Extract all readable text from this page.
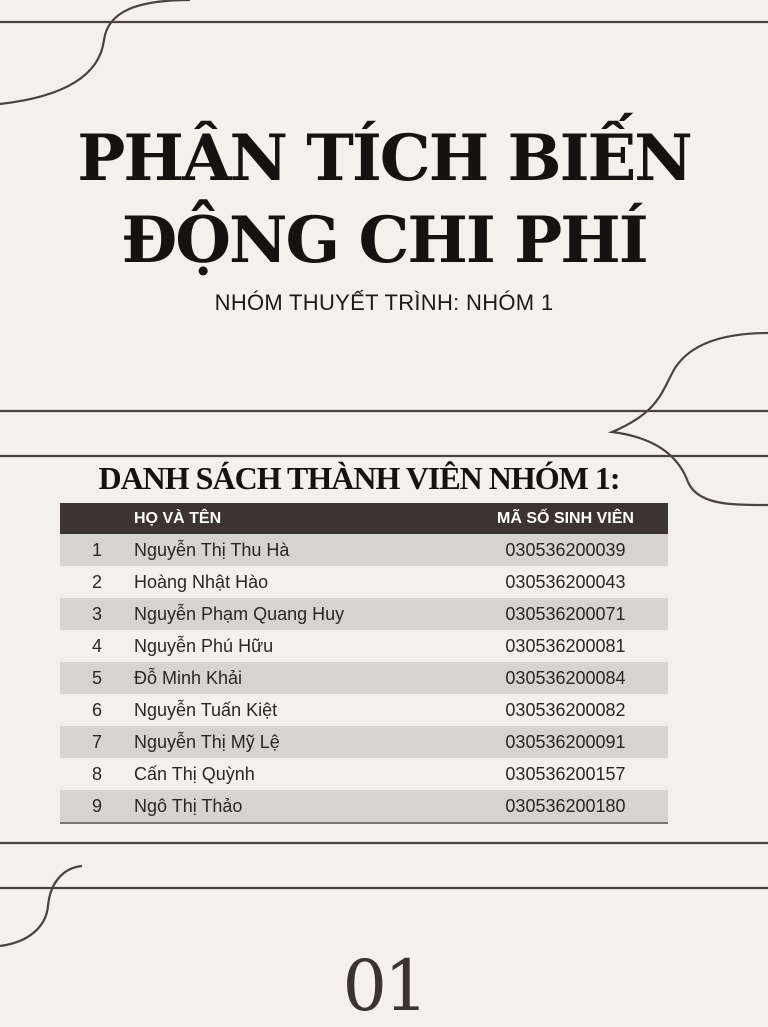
PHÂN TÍCH BIẾN
ĐỘNG CHI PHÍ
NHÓM THUYẾT TRÌNH: NHÓM 1
DANH SÁCH THÀNH VIÊN NHÓM 1:
	HỌ VÀ TÊN	MÃ SỐ SINH VIÊN
1	Nguyễn Thị Thu Hà	030536200039
2	Hoàng Nhật Hào	030536200043
3	Nguyễn Phạm Quang Huy	030536200071
4	Nguyễn Phú Hữu	030536200081
5	Đỗ Minh Khải	030536200084
6	Nguyễn Tuấn Kiệt	030536200082
7	Nguyễn Thị Mỹ Lệ	030536200091
8	Cấn Thị Quỳnh	030536200157
9	Ngô Thị Thảo	030536200180
01
